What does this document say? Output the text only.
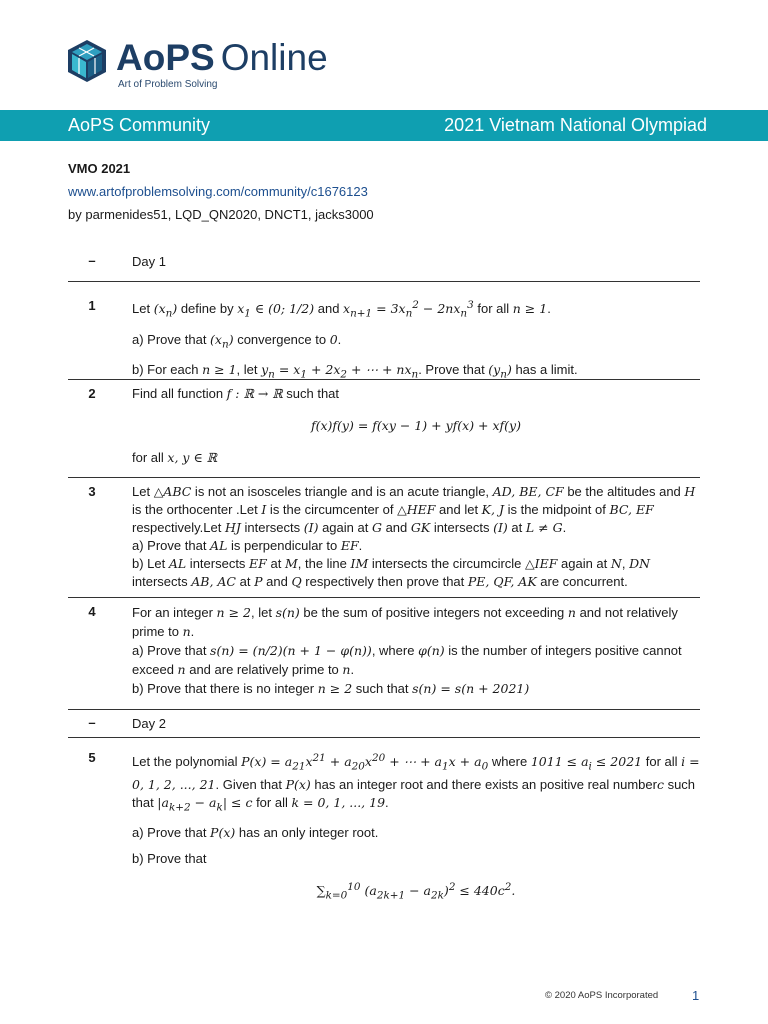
AoPS Online
Art of Problem Solving
AoPS Community	2021 Vietnam National Olympiad
VMO 2021
www.artofproblemsolving.com/community/c1676123
by parmenides51, LQD_QN2020, DNCT1, jacks3000
–	Day 1
1	Let $(x_n)$ define by $x_1$ ∈ (0; 1/2) and $x_{n+1} = 3x_n^2 - 2nx_n^3$ for all n ≥ 1.

a) Prove that $(x_n)$ convergence to 0.

b) For each n ≥ 1, let $y_n = x_1 + 2x_2$ + ⋯ + $nx_n$. Prove that $(y_n)$ has a limit.

2	Find all function f : ℝ → ℝ such that

f(x)f(y) = f(xy − 1) + yf(x) + xf(y)

for all x, y ∈ ℝ

3	Let △ABC is not an isosceles triangle and is an acute triangle, AD, BE, CF be the altitudes and H is the orthocenter .Let I is the circumcenter of △HEF and let K, J is the midpoint of BC, EF respectively.Let HJ intersects (I) again at G and GK intersects (I) at L ≠ G.
a) Prove that AL is perpendicular to EF.
b) Let AL intersects EF at M, the line IM intersects the circumcircle △IEF again at N, DN intersects AB, AC at P and Q respectively then prove that PE, QF, AK are concurrent.
4	For an integer n ≥ 2, let s(n) be the sum of positive integers not exceeding n and not relatively prime to n.
a) Prove that s(n) = (n/2)(n + 1 − φ(n)), where φ(n) is the number of integers positive cannot exceed n and are relatively prime to n.
b) Prove that there is no integer n ≥ 2 such that s(n) = s(n + 2021)
–	Day 2
5	Let the polynomial $P(x) = a_{21}x^{21} + a_{20}x^{20}$ + ⋯ + $a_1x + a_0$ where $1011 \le a_i \le 2021$ for all i = 0, 1, 2, ..., 21. Given that P(x) has an integer root and there exists an positive real numberc such that $|a_{k+2} - a_k| \le c$ for all k = 0, 1, ..., 19.

a) Prove that P(x) has an only integer root.

b) Prove that

$\sum_{k=0}^{10}$ $(a_{2k+1} - a_{2k})^2 \le 440c^2$.

© 2020 AoPS Incorporated	1
